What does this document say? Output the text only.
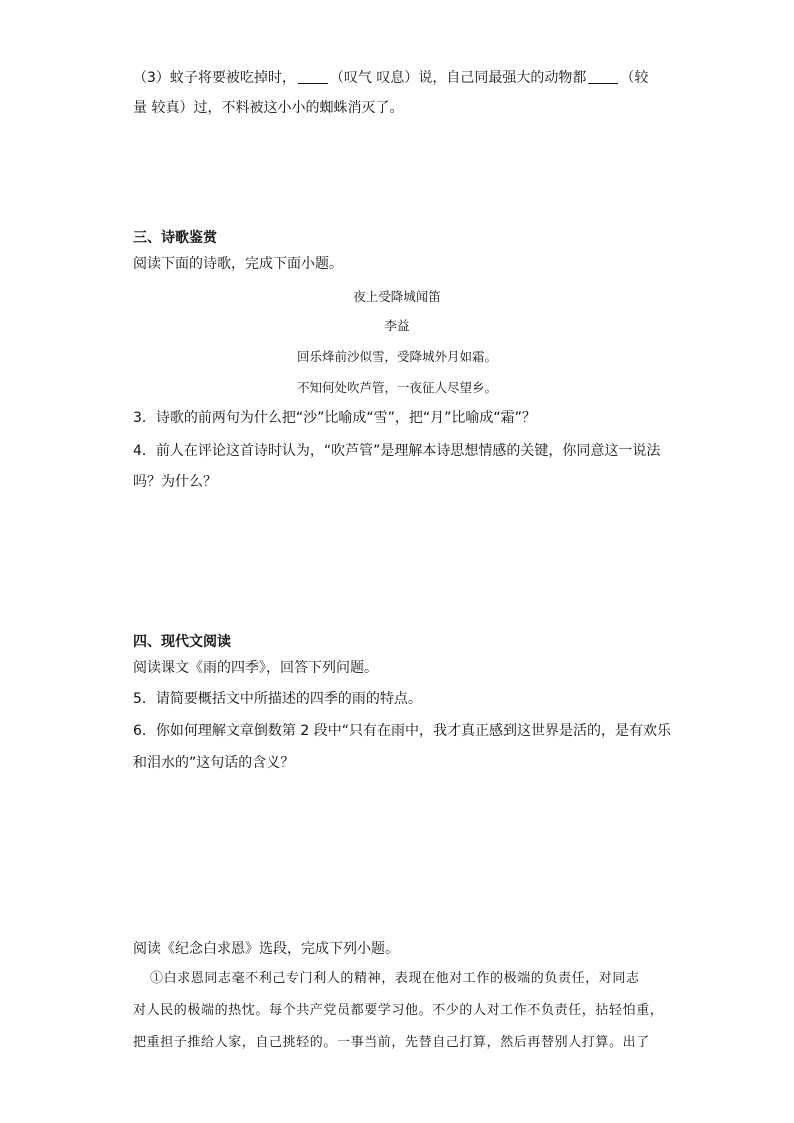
（3）蚊子将要被吃掉时， （叹气 叹息）说，自己同最强大的动物都 （较
量 较真）过，不料被这小小的蜘蛛消灭了。
三、诗歌鉴赏
阅读下面的诗歌，完成下面小题。
夜上受降城闻笛
李益
回乐烽前沙似雪，受降城外月如霜。
不知何处吹芦管，一夜征人尽望乡。
3．诗歌的前两句为什么把“沙”比喻成“雪”，把“月”比喻成“霜”？
4．前人在评论这首诗时认为，“吹芦管”是理解本诗思想情感的关键，你同意这一说法
吗？为什么？
四、现代文阅读
阅读课文《雨的四季》，回答下列问题。
5．请简要概括文中所描述的四季的雨的特点。
6．你如何理解文章倒数第 2 段中“只有在雨中，我才真正感到这世界是活的，是有欢乐
和泪水的”这句话的含义？
阅读《纪念白求恩》选段，完成下列小题。
①白求恩同志毫不利己专门利人的精神，表现在他对工作的极端的负责任，对同志
对人民的极端的热忱。每个共产党员都要学习他。不少的人对工作不负责任，拈轻怕重，
把重担子推给人家，自己挑轻的。一事当前，先替自己打算，然后再替别人打算。出了
